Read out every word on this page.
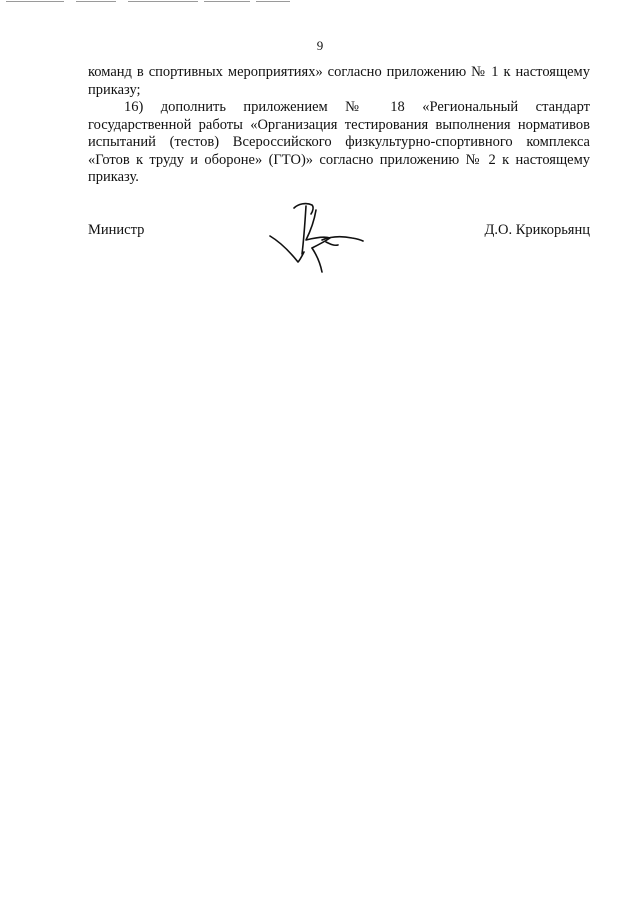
9

команд в спортивных мероприятиях» согласно приложению № 1 к настоящему приказу;

16) дополнить приложением № 18 «Региональный стандарт государственной работы «Организация тестирования выполнения нормативов испытаний (тестов) Всероссийского физкультурно-спортивного комплекса «Готов к труду и обороне» (ГТО)» согласно приложению № 2 к настоящему приказу.

Министр	Д.О. Крикорьянц
